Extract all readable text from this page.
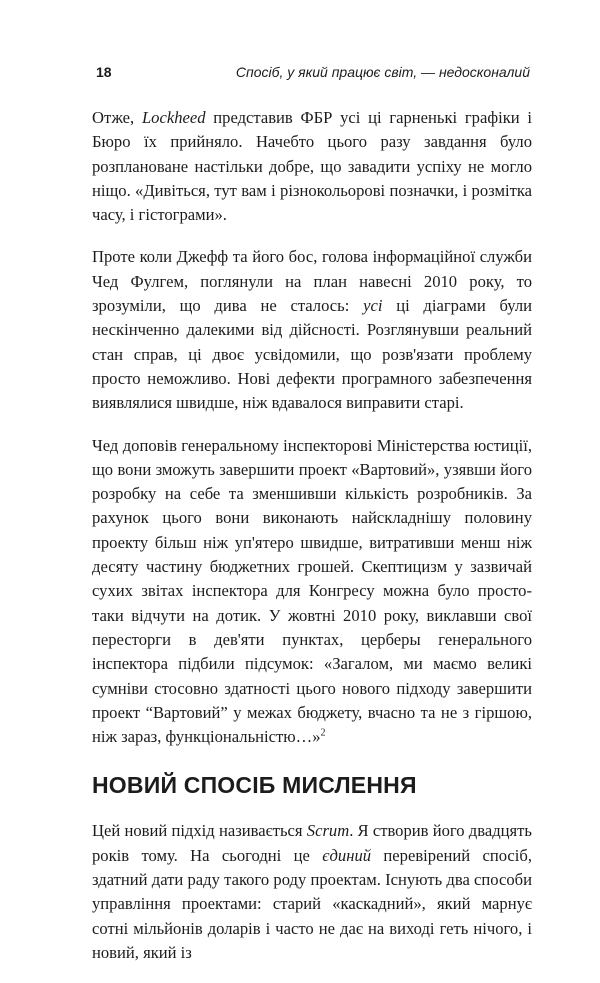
18	Спосіб, у який працює світ, — недосконалий

Отже, Lockheed представив ФБР усі ці гарненькі графіки і Бюро їх прийняло. Начебто цього разу завдання було розплановане настільки добре, що завадити успіху не могло ніщо. «Дивіться, тут вам і різнокольорові позначки, і розмітка часу, і гістограми».

Проте коли Джефф та його бос, голова інформаційної служби Чед Фулгем, поглянули на план навесні 2010 року, то зрозуміли, що дива не сталось: усі ці діаграми були нескінченно далекими від дійсності. Розглянувши реальний стан справ, ці двоє усвідомили, що розв'язати проблему просто неможливо. Нові дефекти програмного забезпечення виявлялися швидше, ніж вдавалося виправити старі.

Чед доповів генеральному інспекторові Міністерства юстиції, що вони зможуть завершити проект «Вартовий», узявши його розробку на себе та зменшивши кількість розробників. За рахунок цього вони виконають найскладнішу половину проекту більш ніж уп'ятеро швидше, витративши менш ніж десяту частину бюджетних грошей. Скептицизм у зазвичай сухих звітах інспектора для Конгресу можна було просто-таки відчути на дотик. У жовтні 2010 року, виклавши свої пересторги в дев'яти пунктах, церберы генерального інспектора підбили підсумок: «Загалом, ми маємо великі сумніви стосовно здатності цього нового підходу завершити проект “Вартовий” у межах бюджету, вчасно та не з гіршою, ніж зараз, функціональністю…»$^2$

НОВИЙ СПОСІБ МИСЛЕННЯ

Цей новий підхід називається Scrum. Я створив його двадцять років тому. На сьогодні це єдиний перевірений спосіб, здатний дати раду такого роду проектам. Існують два способи управління проектами: старий «каскадний», який марнує сотні мільйонів доларів і часто не дає на виході геть нічого, і новий, який із
